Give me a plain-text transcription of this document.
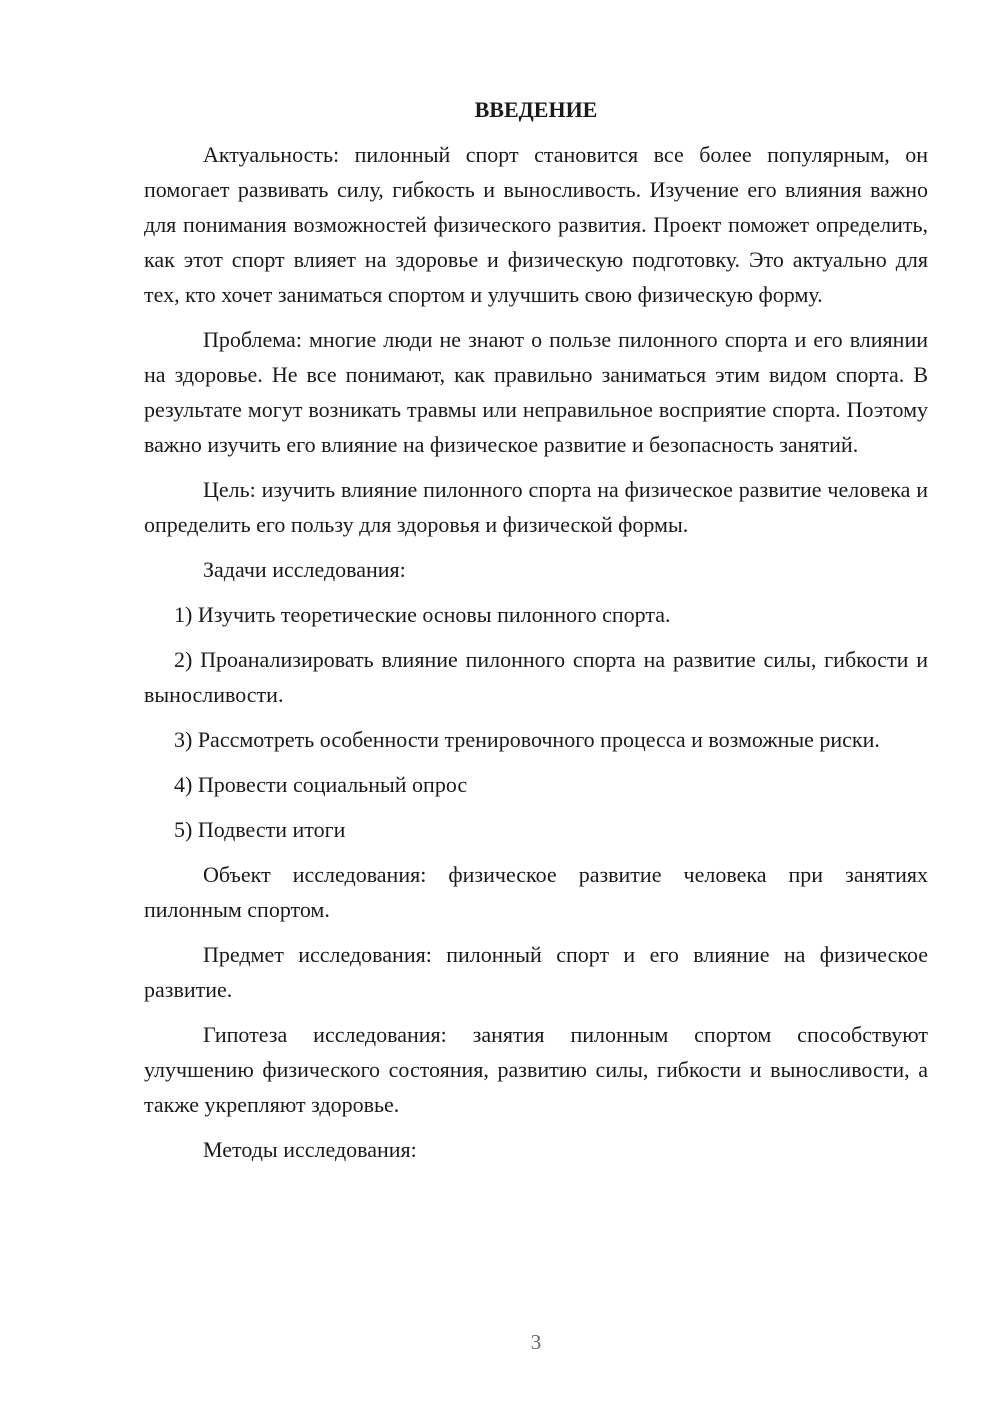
ВВЕДЕНИЕ

Актуальность: пилонный спорт становится все более популярным, он помогает развивать силу, гибкость и выносливость. Изучение его влияния важно для понимания возможностей физического развития. Проект поможет определить, как этот спорт влияет на здоровье и физическую подготовку. Это актуально для тех, кто хочет заниматься спортом и улучшить свою физическую форму.

Проблема: многие люди не знают о пользе пилонного спорта и его влиянии на здоровье. Не все понимают, как правильно заниматься этим видом спорта. В результате могут возникать травмы или неправильное восприятие спорта. Поэтому важно изучить его влияние на физическое развитие и безопасность занятий.

Цель: изучить влияние пилонного спорта на физическое развитие человека и определить его пользу для здоровья и физической формы.

Задачи исследования:

1) Изучить теоретические основы пилонного спорта.

2) Проанализировать влияние пилонного спорта на развитие силы, гибкости и выносливости.

3) Рассмотреть особенности тренировочного процесса и возможные риски.

4) Провести социальный опрос

5) Подвести итоги

Объект исследования: физическое развитие человека при занятиях пилонным спортом.

Предмет исследования: пилонный спорт и его влияние на физическое развитие.

Гипотеза исследования: занятия пилонным спортом способствуют улучшению физического состояния, развитию силы, гибкости и выносливости, а также укрепляют здоровье.

Методы исследования:

3
